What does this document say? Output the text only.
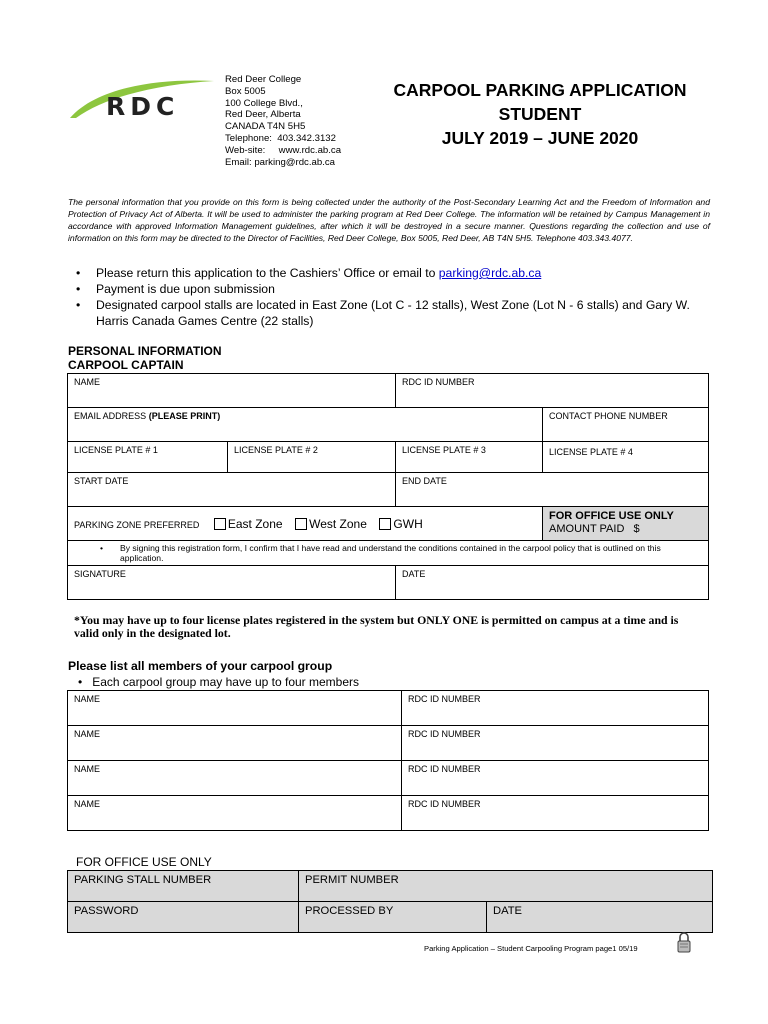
RDC
Red Deer College
Box 5005
100 College Blvd.,
Red Deer, Alberta
CANADA T4N 5H5
Telephone:  403.342.3132
Web-site:     www.rdc.ab.ca
Email: parking@rdc.ab.ca
CARPOOL PARKING APPLICATION
STUDENT
JULY 2019 – JUNE 2020
The personal information that you provide on this form is being collected under the authority of the Post-Secondary Learning Act and the Freedom of Information and Protection of Privacy Act of Alberta. It will be used to administer the parking program at Red Deer College. The information will be retained by Campus Management in accordance with approved Information Management guidelines, after which it will be destroyed in a secure manner. Questions regarding the collection and use of information on this form may be directed to the Director of Facilities, Red Deer College, Box 5005, Red Deer, AB T4N 5H5. Telephone 403.343.4077.
• Please return this application to the Cashiers’ Office or email to parking@rdc.ab.ca
• Payment is due upon submission
• Designated carpool stalls are located in East Zone (Lot C - 12 stalls), West Zone (Lot N - 6 stalls) and Gary W. Harris Canada Games Centre (22 stalls)
PERSONAL INFORMATION
CARPOOL CAPTAIN
NAME		RDC ID NUMBER	
EMAIL ADDRESS (PLEASE PRINT)			CONTACT PHONE NUMBER
LICENSE PLATE # 1	LICENSE PLATE # 2	LICENSE PLATE # 3	LICENSE PLATE # 4
START DATE		END DATE	
PARKING ZONE PREFERRED East Zone West Zone GWH			FOR OFFICE USE ONLY
AMOUNT PAID   $

• By signing this registration form, I confirm that I have read and understand the conditions contained in the carpool policy that is outlined on this application.			
SIGNATURE		DATE	
*You may have up to four license plates registered in the system but ONLY ONE is permitted on campus at a time and is valid only in the designated lot.
Please list all members of your carpool group
• Each carpool group may have up to four members
NAME	RDC ID NUMBER
NAME	RDC ID NUMBER
NAME	RDC ID NUMBER
NAME	RDC ID NUMBER
FOR OFFICE USE ONLY
PARKING STALL NUMBER	PERMIT NUMBER	
PASSWORD	PROCESSED BY	DATE
Parking Application – Student Carpooling Program page1 05/19
